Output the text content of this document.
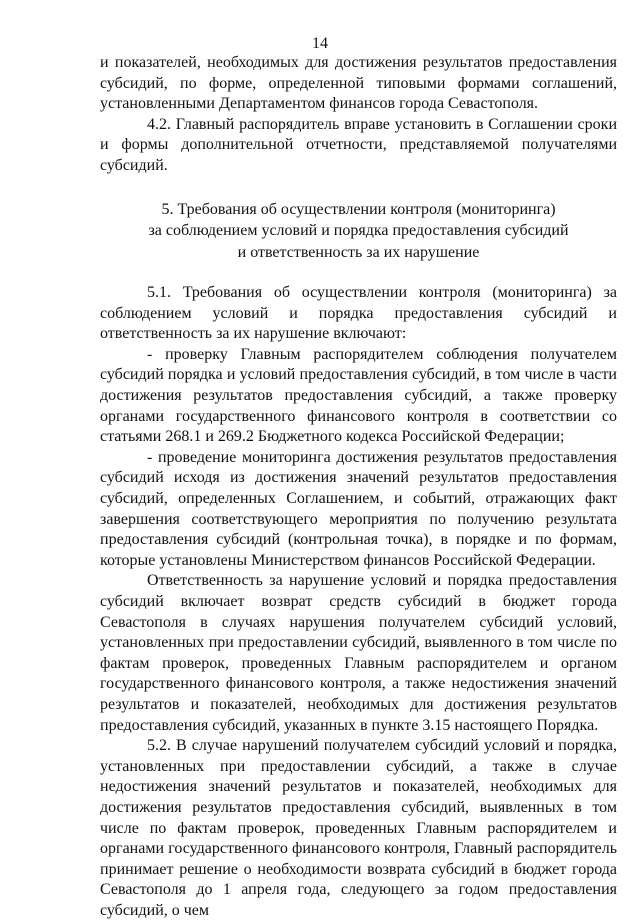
14

и показателей, необходимых для достижения результатов предоставления субсидий, по форме, определенной типовыми формами соглашений, установленными Департаментом финансов города Севастополя.

4.2. Главный распорядитель вправе установить в Соглашении сроки и формы дополнительной отчетности, представляемой получателями субсидий.

5. Требования об осуществлении контроля (мониторинга)
за соблюдением условий и порядка предоставления субсидий
и ответственность за их нарушение

5.1. Требования об осуществлении контроля (мониторинга) за соблюдением условий и порядка предоставления субсидий и ответственность за их нарушение включают:

- проверку Главным распорядителем соблюдения получателем субсидий порядка и условий предоставления субсидий, в том числе в части достижения результатов предоставления субсидий, а также проверку органами государственного финансового контроля в соответствии со статьями 268.1 и 269.2 Бюджетного кодекса Российской Федерации;

- проведение мониторинга достижения результатов предоставления субсидий исходя из достижения значений результатов предоставления субсидий, определенных Соглашением, и событий, отражающих факт завершения соответствующего мероприятия по получению результата предоставления субсидий (контрольная точка), в порядке и по формам, которые установлены Министерством финансов Российской Федерации.

Ответственность за нарушение условий и порядка предоставления субсидий включает возврат средств субсидий в бюджет города Севастополя в случаях нарушения получателем субсидий условий, установленных при предоставлении субсидий, выявленного в том числе по фактам проверок, проведенных Главным распорядителем и органом государственного финансового контроля, а также недостижения значений результатов и показателей, необходимых для достижения результатов предоставления субсидий, указанных в пункте 3.15 настоящего Порядка.

5.2. В случае нарушений получателем субсидий условий и порядка, установленных при предоставлении субсидий, а также в случае недостижения значений результатов и показателей, необходимых для достижения результатов предоставления субсидий, выявленных в том числе по фактам проверок, проведенных Главным распорядителем и органами государственного финансового контроля, Главный распорядитель принимает решение о необходимости возврата субсидий в бюджет города Севастополя до 1 апреля года, следующего за годом предоставления субсидий, о чем
